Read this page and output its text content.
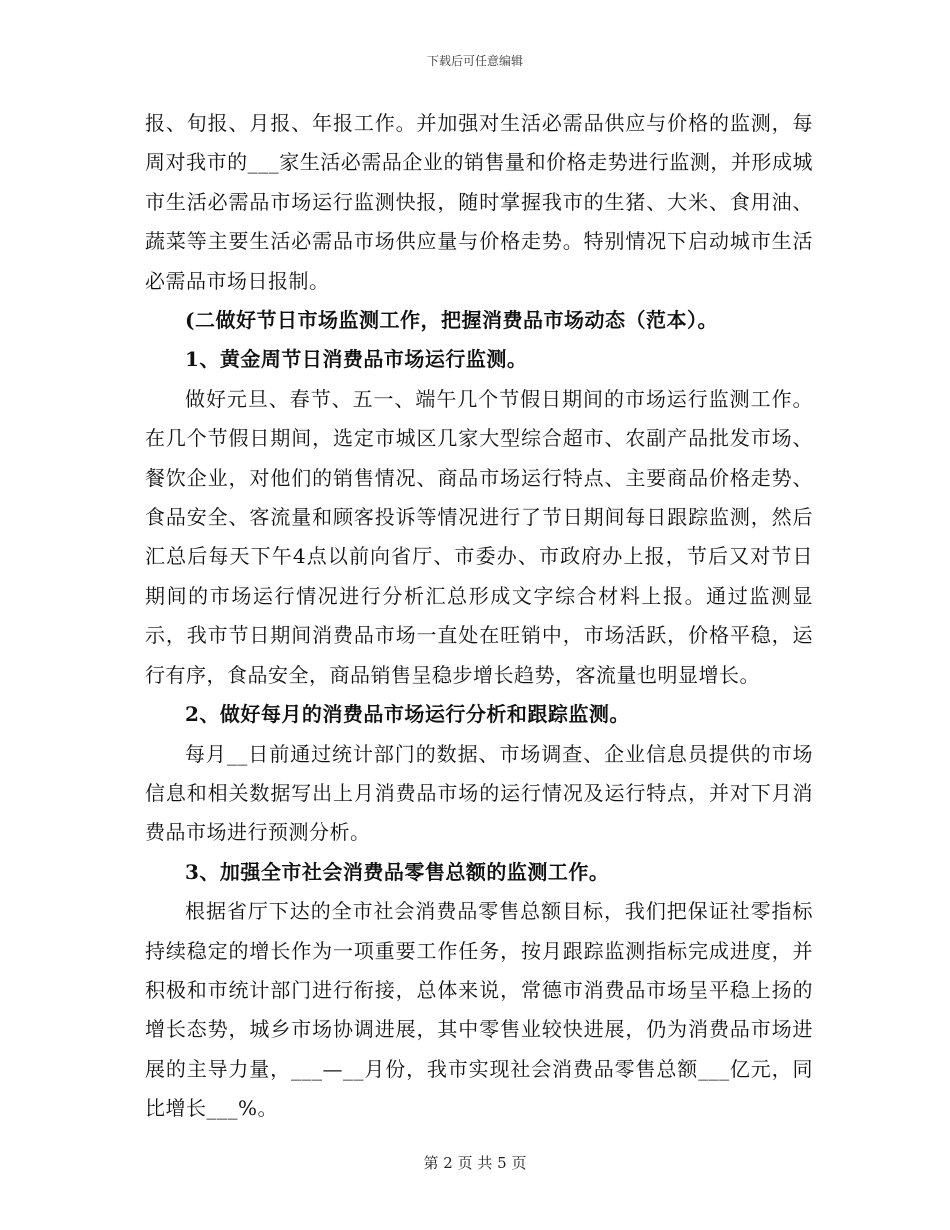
下载后可任意编辑

报、旬报、月报、年报工作。并加强对生活必需品供应与价格的监测，每周对我市的___家生活必需品企业的销售量和价格走势进行监测，并形成城市生活必需品市场运行监测快报，随时掌握我市的生猪、大米、食用油、蔬菜等主要生活必需品市场供应量与价格走势。特别情况下启动城市生活必需品市场日报制。

(二做好节日市场监测工作，把握消费品市场动态（范本）。

1、黄金周节日消费品市场运行监测。

做好元旦、春节、五一、端午几个节假日期间的市场运行监测工作。在几个节假日期间，选定市城区几家大型综合超市、农副产品批发市场、餐饮企业，对他们的销售情况、商品市场运行特点、主要商品价格走势、食品安全、客流量和顾客投诉等情况进行了节日期间每日跟踪监测，然后汇总后每天下午4点以前向省厅、市委办、市政府办上报，节后又对节日期间的市场运行情况进行分析汇总形成文字综合材料上报。通过监测显示，我市节日期间消费品市场一直处在旺销中，市场活跃，价格平稳，运行有序，食品安全，商品销售呈稳步增长趋势，客流量也明显增长。

2、做好每月的消费品市场运行分析和跟踪监测。

每月__日前通过统计部门的数据、市场调查、企业信息员提供的市场信息和相关数据写出上月消费品市场的运行情况及运行特点，并对下月消费品市场进行预测分析。

3、加强全市社会消费品零售总额的监测工作。

根据省厅下达的全市社会消费品零售总额目标，我们把保证社零指标持续稳定的增长作为一项重要工作任务，按月跟踪监测指标完成进度，并积极和市统计部门进行衔接，总体来说，常德市消费品市场呈平稳上扬的增长态势，城乡市场协调进展，其中零售业较快进展，仍为消费品市场进展的主导力量，___—__月份，我市实现社会消费品零售总额___亿元，同比增长___%。

第 2 页 共 5 页
